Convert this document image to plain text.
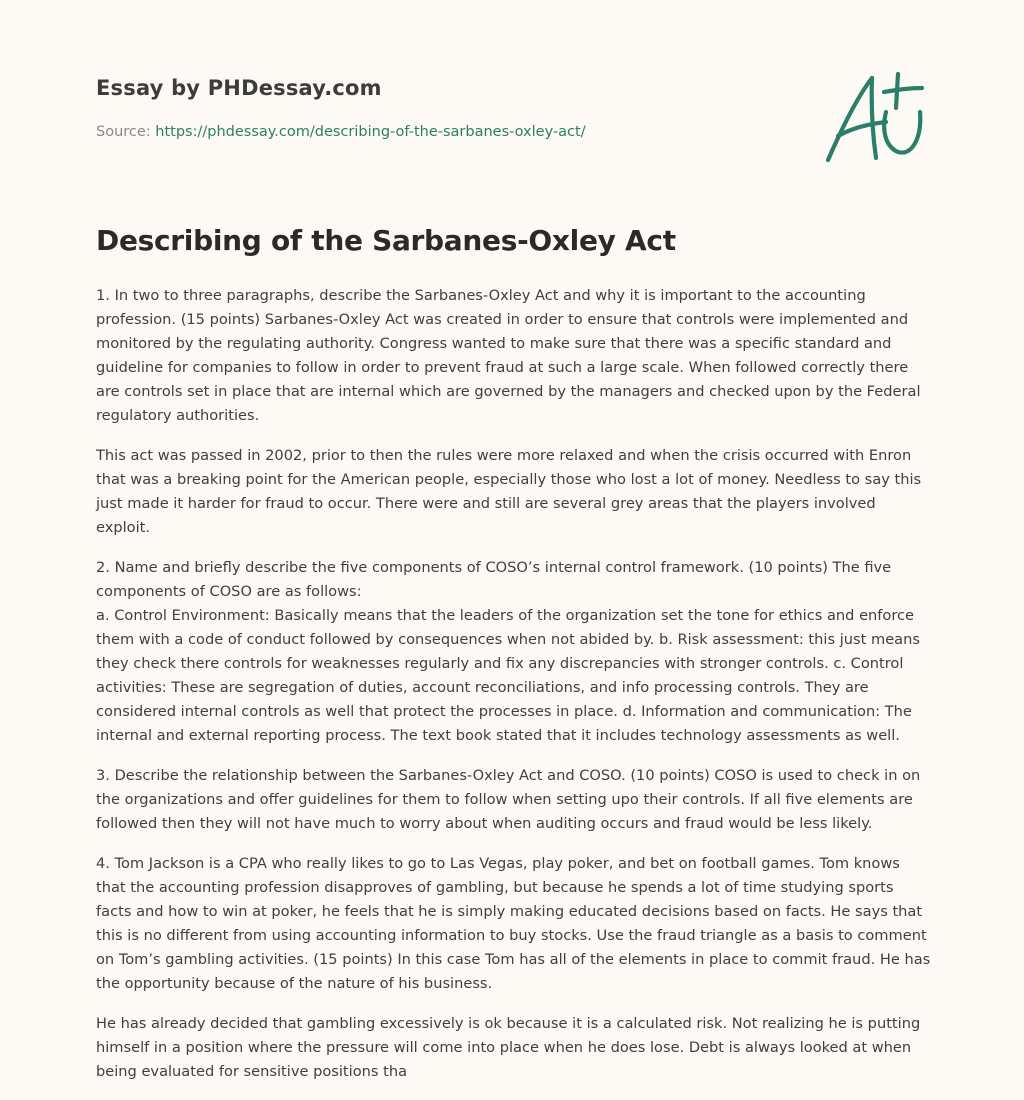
Essay by PHDessay.com
Source: https://phdessay.com/describing-of-the-sarbanes-oxley-act/
Describing of the Sarbanes-Oxley Act

1. In two to three paragraphs, describe the Sarbanes-Oxley Act and why it is important to the accounting profession. (15 points) Sarbanes-Oxley Act was created in order to ensure that controls were implemented and monitored by the regulating authority. Congress wanted to make sure that there was a specific standard and guideline for companies to follow in order to prevent fraud at such a large scale. When followed correctly there are controls set in place that are internal which are governed by the managers and checked upon by the Federal regulatory authorities.

This act was passed in 2002, prior to then the rules were more relaxed and when the crisis occurred with Enron that was a breaking point for the American people, especially those who lost a lot of money. Needless to say this just made it harder for fraud to occur. There were and still are several grey areas that the players involved exploit.

2. Name and briefly describe the five components of COSO’s internal control framework. (10 points) The five components of COSO are as follows:
a. Control Environment: Basically means that the leaders of the organization set the tone for ethics and enforce them with a code of conduct followed by consequences when not abided by. b. Risk assessment: this just means they check there controls for weaknesses regularly and fix any discrepancies with stronger controls. c. Control activities: These are segregation of duties, account reconciliations, and info processing controls. They are considered internal controls as well that protect the processes in place. d. Information and communication: The internal and external reporting process. The text book stated that it includes technology assessments as well.

3. Describe the relationship between the Sarbanes-Oxley Act and COSO. (10 points) COSO is used to check in on the organizations and offer guidelines for them to follow when setting upo their controls. If all five elements are followed then they will not have much to worry about when auditing occurs and fraud would be less likely.

4. Tom Jackson is a CPA who really likes to go to Las Vegas, play poker, and bet on football games. Tom knows that the accounting profession disapproves of gambling, but because he spends a lot of time studying sports facts and how to win at poker, he feels that he is simply making educated decisions based on facts. He says that this is no different from using accounting information to buy stocks. Use the fraud triangle as a basis to comment on Tom’s gambling activities. (15 points) In this case Tom has all of the elements in place to commit fraud. He has the opportunity because of the nature of his business.

He has already decided that gambling excessively is ok because it is a calculated risk. Not realizing he is putting himself in a position where the pressure will come into place when he does lose. Debt is always looked at when being evaluated for sensitive positions tha
